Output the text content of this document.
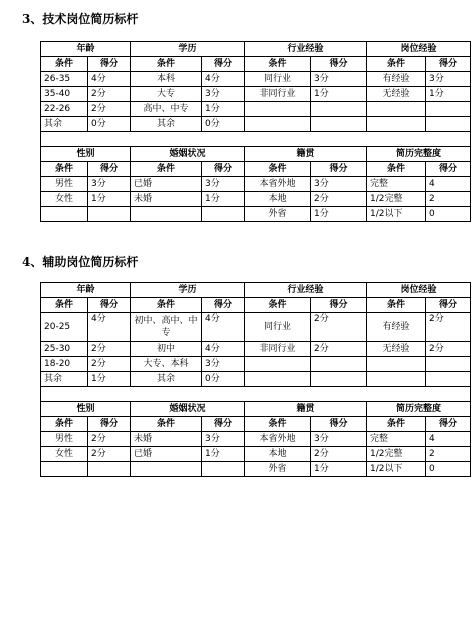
3、技术岗位简历标杆
年龄		学历		行业经验		岗位经验	
条件	得分	条件	得分	条件	得分	条件	得分
26-35	4分	本科	4分	同行业	3分	有经验	3分
35-40	2分	大专	3分	非同行业	1分	无经验	1分
22-26	2分	高中、中专	1分				
其余	0分	其余	0分				

性别		婚姻状况		籍贯		简历完整度	
条件	得分	条件	得分	条件	得分	条件	得分
男性	3分	已婚	3分	本省外地	3分	完整	4
女性	1分	未婚	1分	本地	2分	1/2完整	2
				外省	1分	1/2以下	0
4、辅助岗位简历标杆
年龄		学历		行业经验		岗位经验	
条件	得分	条件	得分	条件	得分	条件	得分
20-25	4分	初中、高中、中专	4分	同行业	2分	有经验	2分
25-30	2分	初中	4分	非同行业	2分	无经验	2分
18-20	2分	大专、本科	3分				
其余	1分	其余	0分				

性别		婚姻状况		籍贯		简历完整度	
条件	得分	条件	得分	条件	得分	条件	得分
男性	2分	未婚	3分	本省外地	3分	完整	4
女性	2分	已婚	1分	本地	2分	1/2完整	2
				外省	1分	1/2以下	0
